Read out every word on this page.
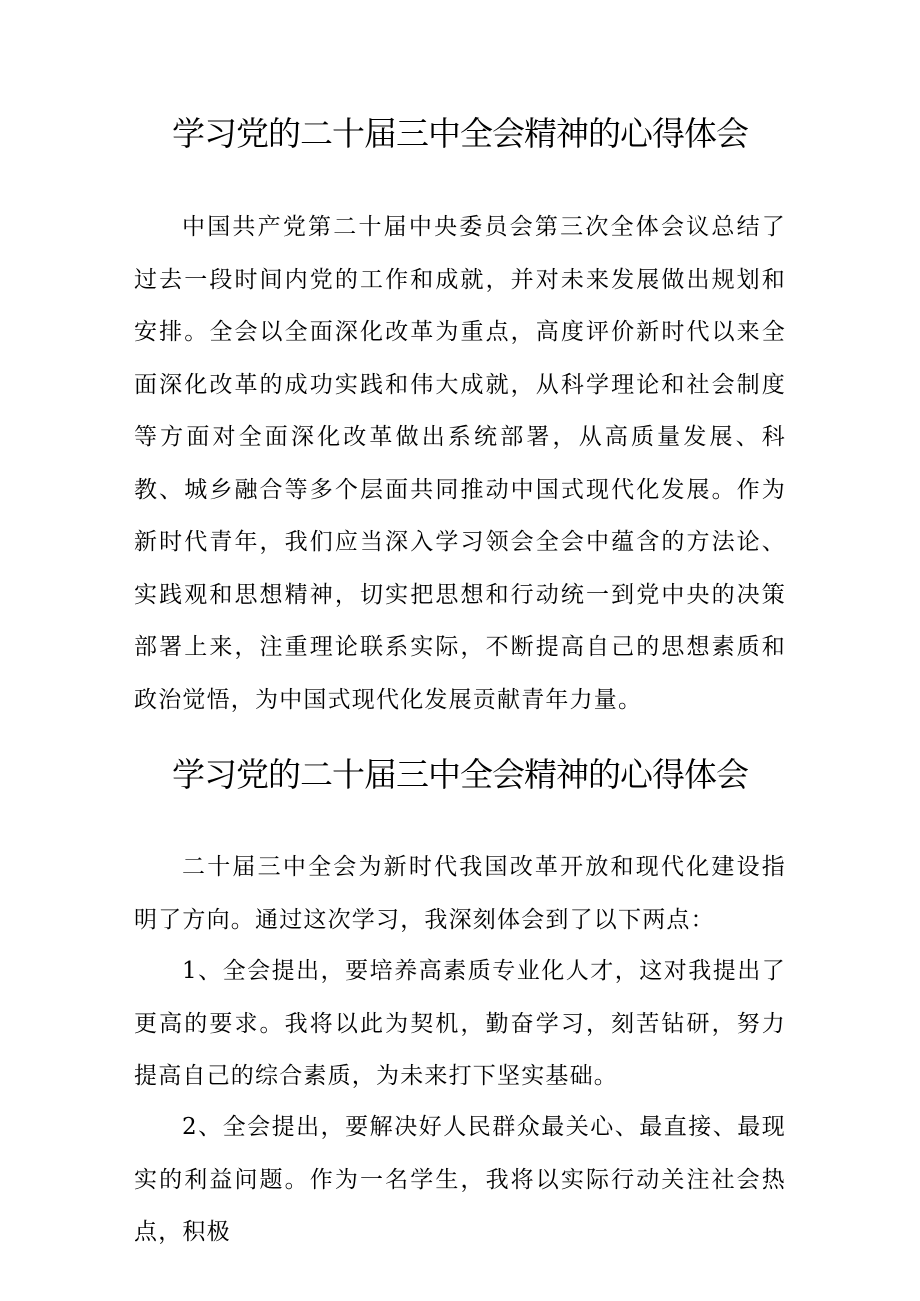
学习党的二十届三中全会精神的心得体会

中国共产党第二十届中央委员会第三次全体会议总结了过去一段时间内党的工作和成就，并对未来发展做出规划和安排。全会以全面深化改革为重点，高度评价新时代以来全面深化改革的成功实践和伟大成就，从科学理论和社会制度等方面对全面深化改革做出系统部署，从高质量发展、科教、城乡融合等多个层面共同推动中国式现代化发展。作为新时代青年，我们应当深入学习领会全会中蕴含的方法论、实践观和思想精神，切实把思想和行动统一到党中央的决策部署上来，注重理论联系实际，不断提高自己的思想素质和政治觉悟，为中国式现代化发展贡献青年力量。

学习党的二十届三中全会精神的心得体会

二十届三中全会为新时代我国改革开放和现代化建设指明了方向。通过这次学习，我深刻体会到了以下两点：

1、全会提出，要培养高素质专业化人才，这对我提出了更高的要求。我将以此为契机，勤奋学习，刻苦钻研，努力提高自己的综合素质，为未来打下坚实基础。

2、全会提出，要解决好人民群众最关心、最直接、最现实的利益问题。作为一名学生，我将以实际行动关注社会热点，积极
